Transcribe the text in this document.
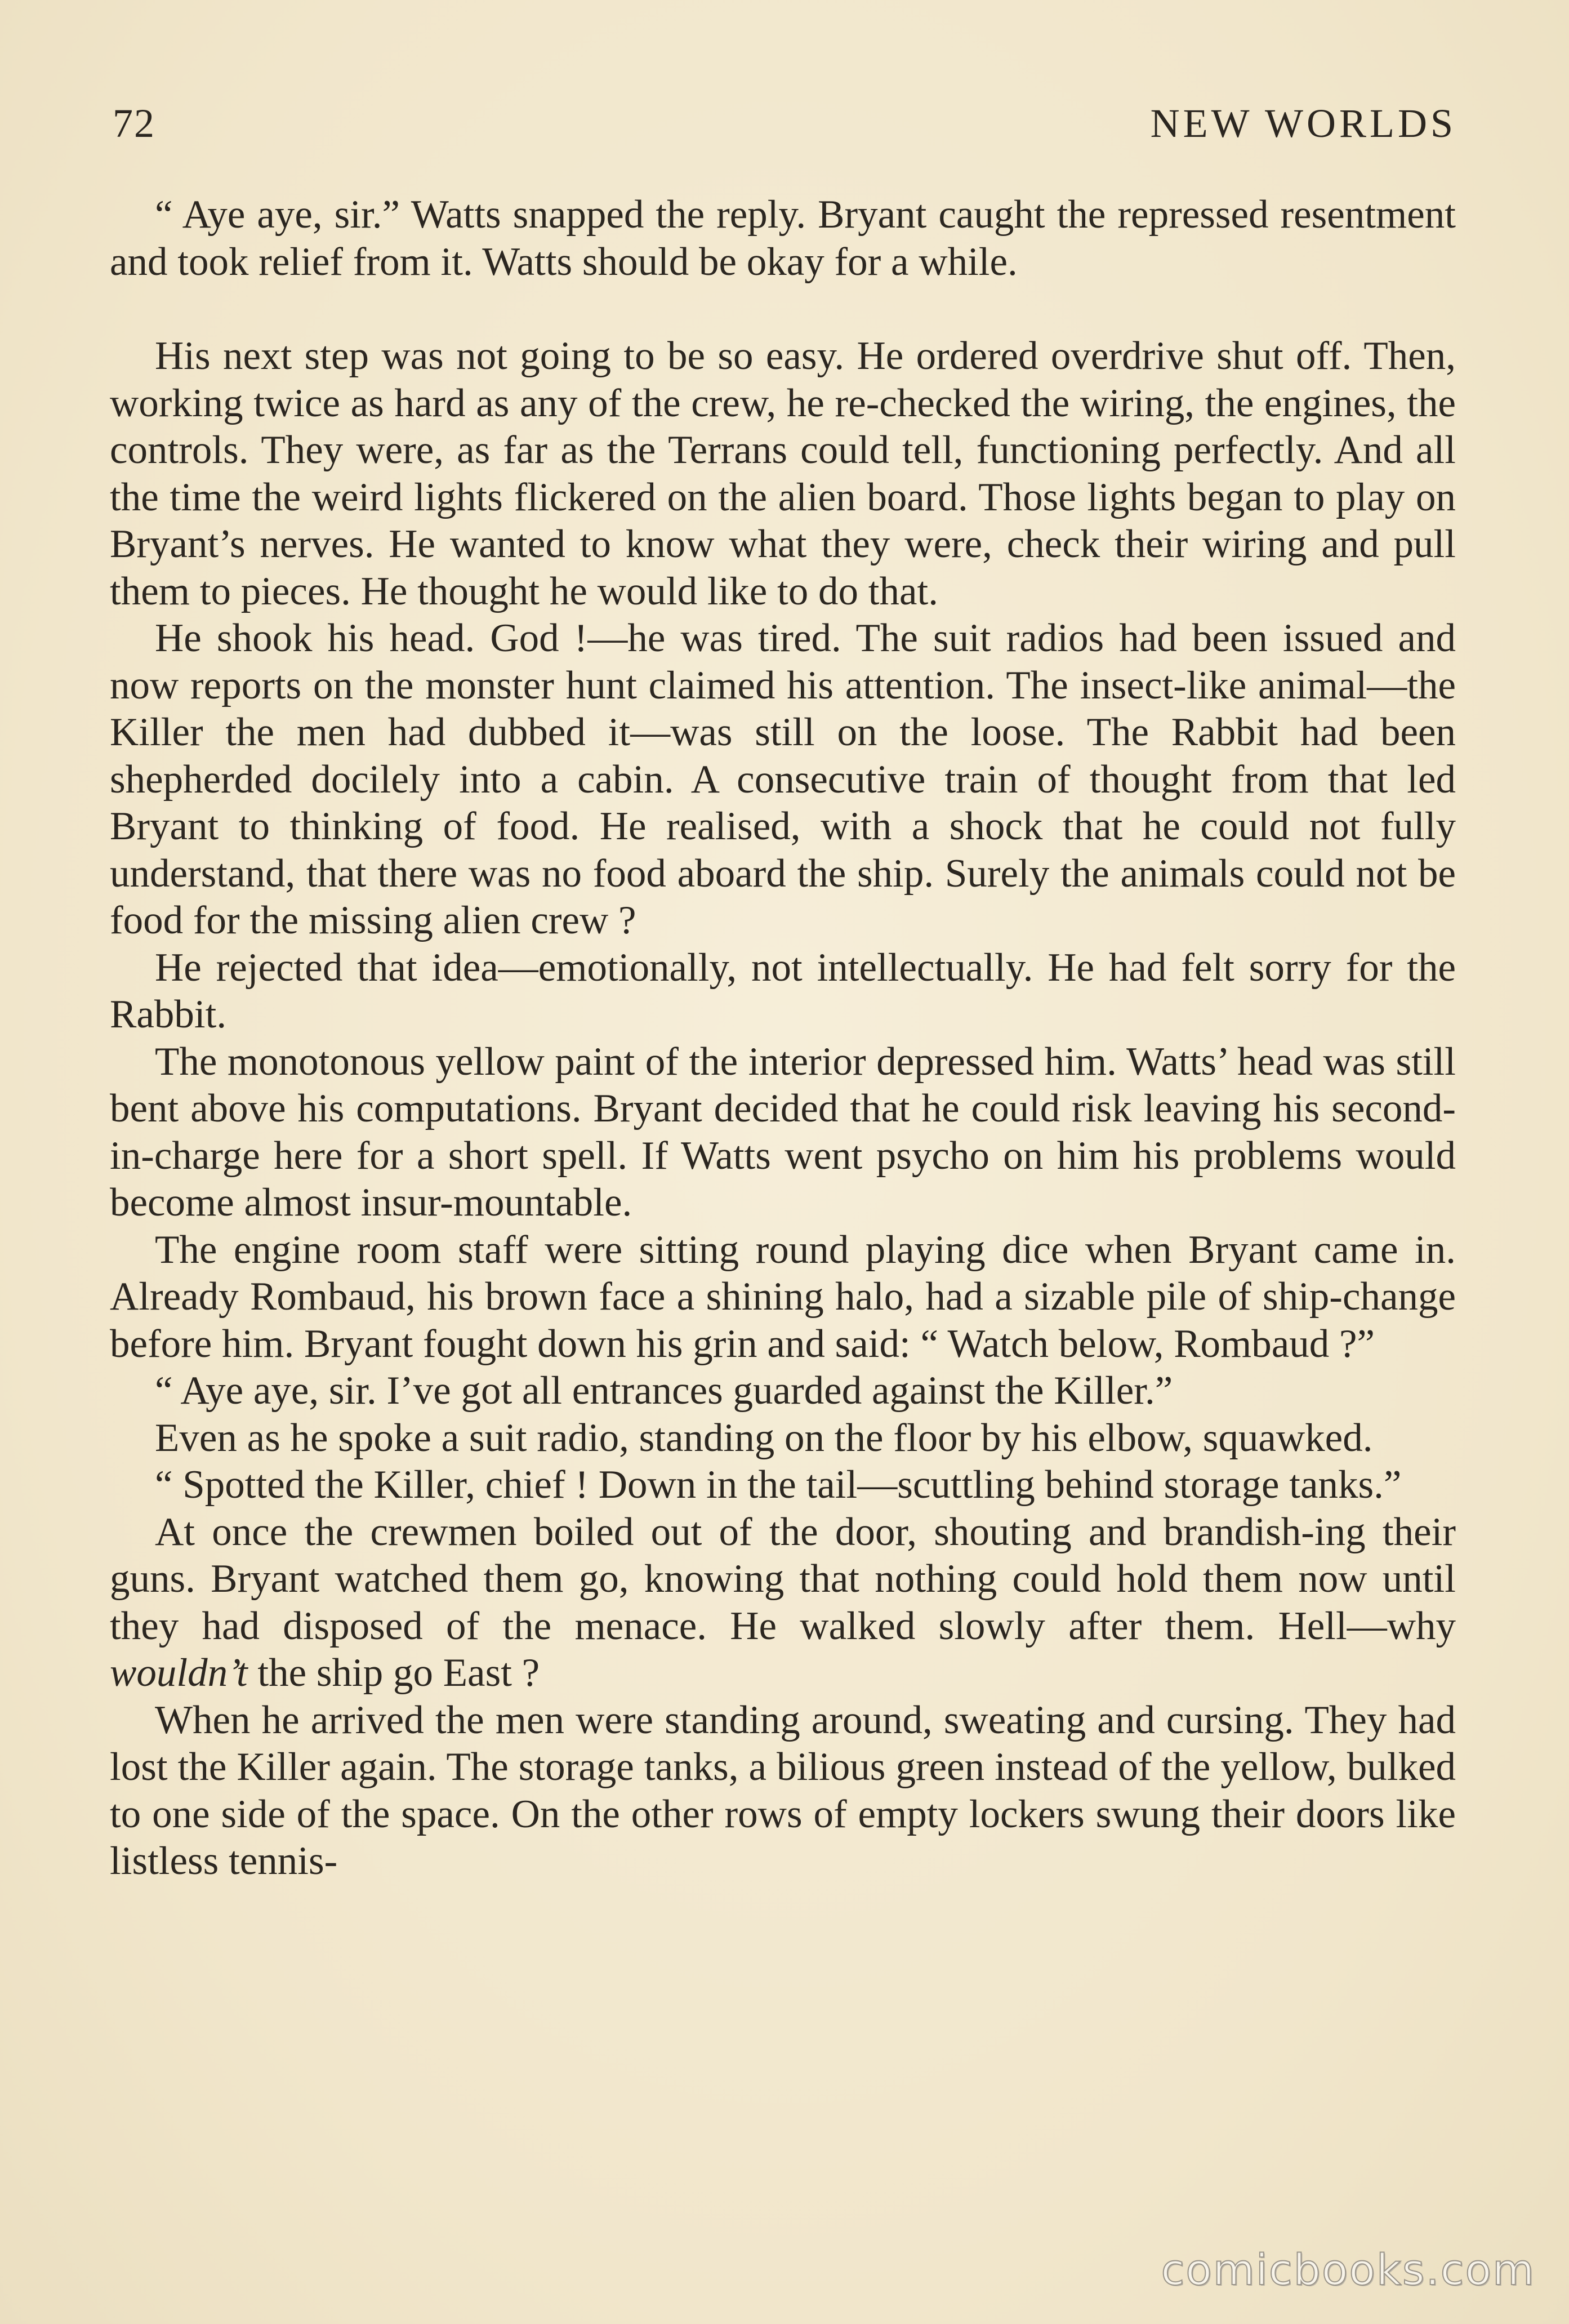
72	NEW WORLDS

“ Aye aye, sir.” Watts snapped the reply. Bryant caught the repressed resentment and took relief from it. Watts should be okay for a while.

His next step was not going to be so easy. He ordered overdrive shut off. Then, working twice as hard as any of the crew, he re-checked the wiring, the engines, the controls. They were, as far as the Terrans could tell, functioning perfectly. And all the time the weird lights flickered on the alien board. Those lights began to play on Bryant’s nerves. He wanted to know what they were, check their wiring and pull them to pieces. He thought he would like to do that.

He shook his head. God !—he was tired. The suit radios had been issued and now reports on the monster hunt claimed his attention. The insect-like animal—the Killer the men had dubbed it—was still on the loose. The Rabbit had been shepherded docilely into a cabin. A consecutive train of thought from that led Bryant to thinking of food. He realised, with a shock that he could not fully understand, that there was no food aboard the ship. Surely the animals could not be food for the missing alien crew ?

He rejected that idea—emotionally, not intellectually. He had felt sorry for the Rabbit.

The monotonous yellow paint of the interior depressed him. Watts’ head was still bent above his computations. Bryant decided that he could risk leaving his second-in-charge here for a short spell. If Watts went psycho on him his problems would become almost insur-mountable.

The engine room staff were sitting round playing dice when Bryant came in. Already Rombaud, his brown face a shining halo, had a sizable pile of ship-change before him. Bryant fought down his grin and said: “ Watch below, Rombaud ?”

“ Aye aye, sir. I’ve got all entrances guarded against the Killer.”

Even as he spoke a suit radio, standing on the floor by his elbow, squawked.

“ Spotted the Killer, chief ! Down in the tail—scuttling behind storage tanks.”

At once the crewmen boiled out of the door, shouting and brandish-ing their guns. Bryant watched them go, knowing that nothing could hold them now until they had disposed of the menace. He walked slowly after them. Hell—why wouldn’t the ship go East ?

When he arrived the men were standing around, sweating and cursing. They had lost the Killer again. The storage tanks, a bilious green instead of the yellow, bulked to one side of the space. On the other rows of empty lockers swung their doors like listless tennis-

comicbooks.com
